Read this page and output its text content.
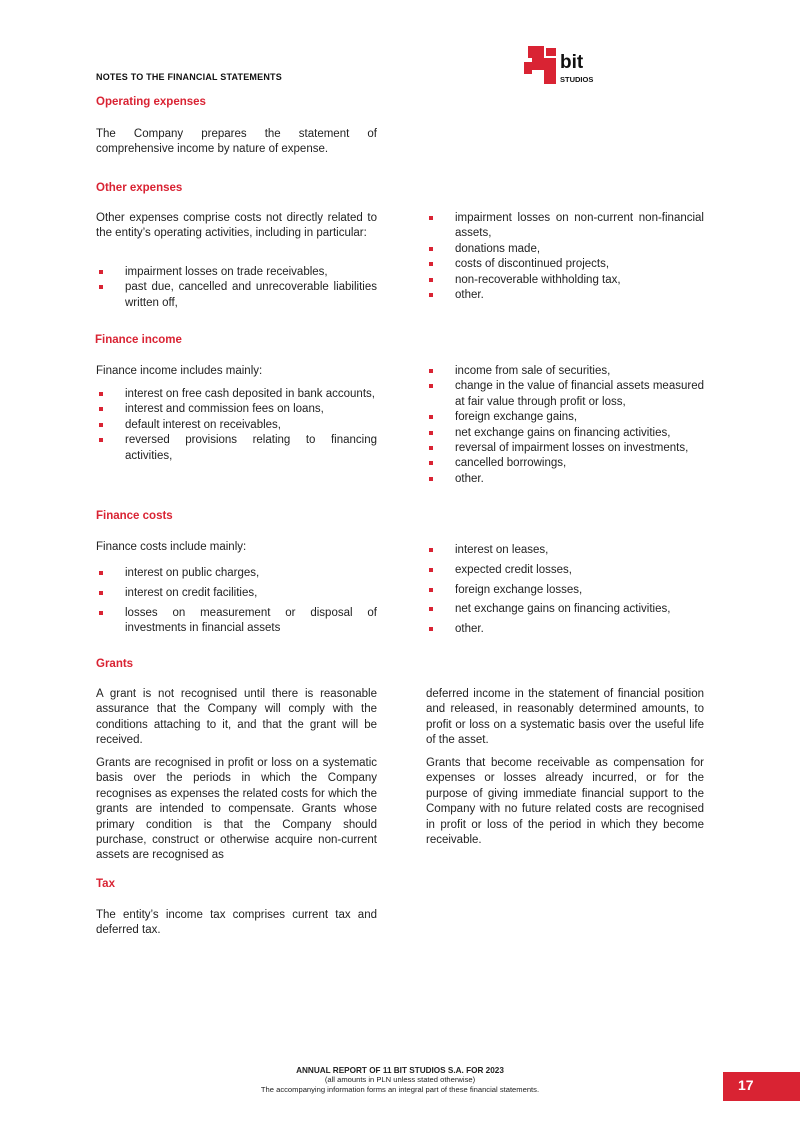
NOTES TO THE FINANCIAL STATEMENTS
bit
STUDIOS
Operating expenses
The Company prepares the statement of comprehensive income by nature of expense.
Other expenses
Other expenses comprise costs not directly related to the entity’s operating activities, including in particular:
impairment losses on trade receivables,
past due, cancelled and unrecoverable liabilities written off,
impairment losses on non-current non-financial assets,
donations made,
costs of discontinued projects,
non-recoverable withholding tax,
other.
Finance income
Finance income includes mainly:
interest on free cash deposited in bank accounts,
interest and commission fees on loans,
default interest on receivables,
reversed provisions relating to financing activities,
income from sale of securities,
change in the value of financial assets measured at fair value through profit or loss,
foreign exchange gains,
net exchange gains on financing activities,
reversal of impairment losses on investments,
cancelled borrowings,
other.
Finance costs
Finance costs include mainly:
interest on public charges,
interest on credit facilities,
losses on measurement or disposal of investments in financial assets
interest on leases,
expected credit losses,
foreign exchange losses,
net exchange gains on financing activities,
other.
Grants
A grant is not recognised until there is reasonable assurance that the Company will comply with the conditions attaching to it, and that the grant will be received.
Grants are recognised in profit or loss on a systematic basis over the periods in which the Company recognises as expenses the related costs for which the grants are intended to compensate. Grants whose primary condition is that the Company should purchase, construct or otherwise acquire non-current assets are recognised as
deferred income in the statement of financial position and released, in reasonably determined amounts, to profit or loss on a systematic basis over the useful life of the asset.
Grants that become receivable as compensation for expenses or losses already incurred, or for the purpose of giving immediate financial support to the Company with no future related costs are recognised in profit or loss of the period in which they become receivable.
Tax
The entity’s income tax comprises current tax and deferred tax.
ANNUAL REPORT OF 11 BIT STUDIOS S.A. FOR 2023
(all amounts in PLN unless stated otherwise)
The accompanying information forms an integral part of these financial statements.	17
